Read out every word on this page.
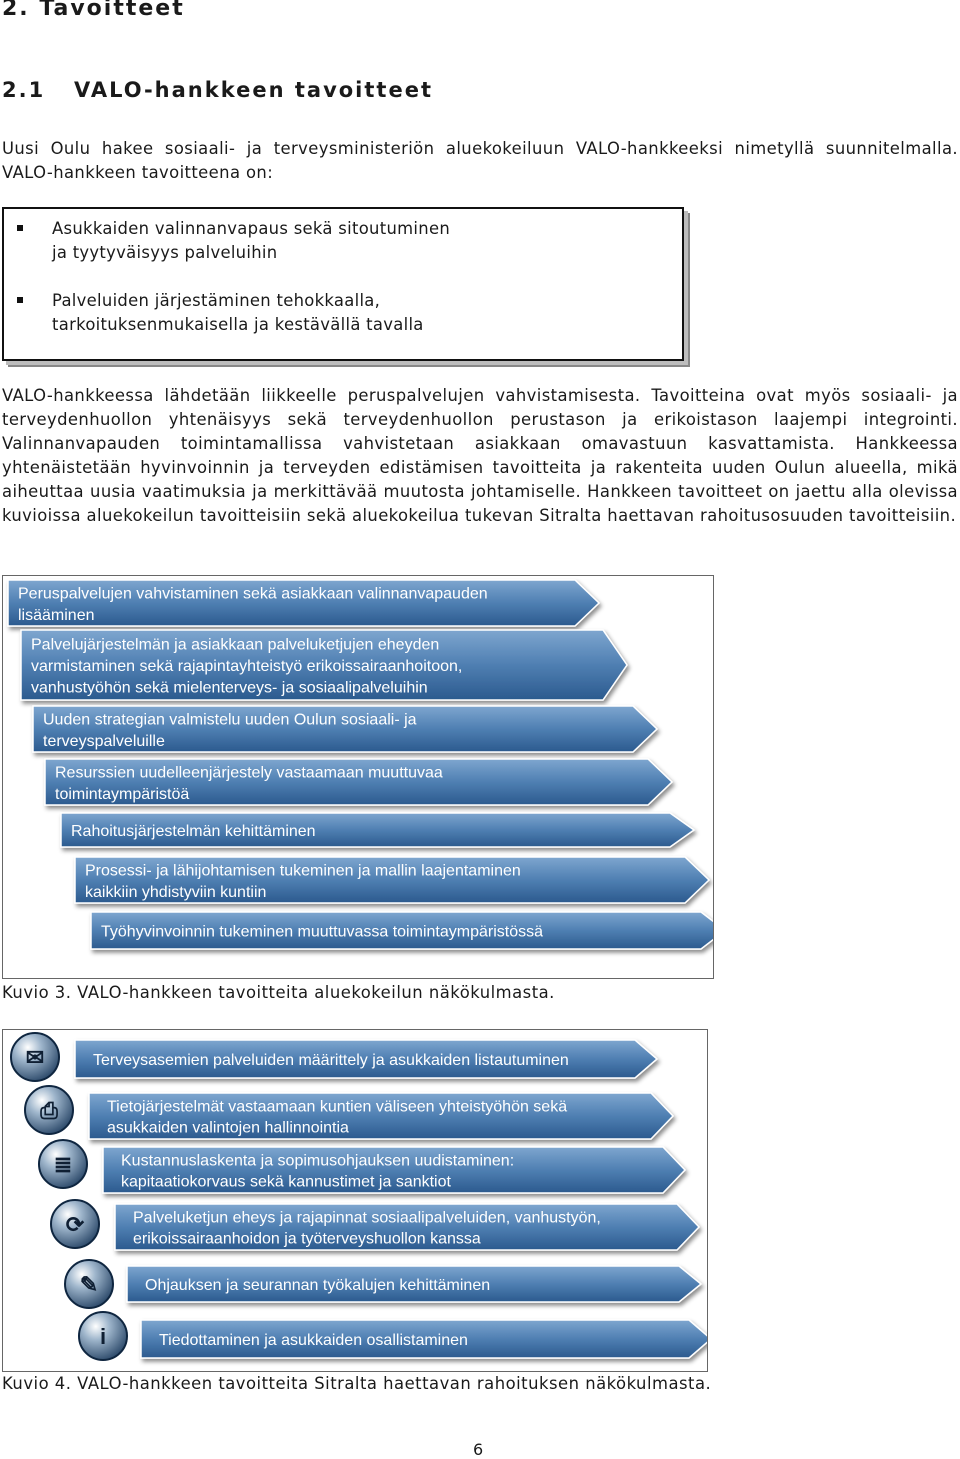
2. Tavoitteet
2.1 VALO-hankkeen tavoitteet

Uusi Oulu hakee sosiaali- ja terveysministeriön aluekokeiluun VALO-hankkeeksi nimetyllä suunnitelmalla. VALO-hankkeen tavoitteena on:

Asukkaiden valinnanvapaus sekä sitoutuminen
ja tyytyväisyys palveluihin
Palveluiden järjestäminen tehokkaalla,
tarkoituksenmukaisella ja kestävällä tavalla

VALO-hankkeessa lähdetään liikkeelle peruspalvelujen vahvistamisesta. Tavoitteina ovat myös sosiaali- ja terveydenhuollon yhtenäisyys sekä terveydenhuollon perustason ja erikoistason laajempi integrointi. Valinnanvapauden toimintamallissa vahvistetaan asiakkaan omavastuun kasvattamista. Hankkeessa yhtenäistetään hyvinvoinnin ja terveyden edistämisen tavoitteita ja rakenteita uuden Oulun alueella, mikä aiheuttaa uusia vaatimuksia ja merkittävää muutosta johtamiselle. Hankkeen tavoitteet on jaettu alla olevissa kuvioissa aluekokeilun tavoitteisiin sekä aluekokeilua tukevan Sitralta haettavan rahoitusosuuden tavoitteisiin.

Peruspalvelujen vahvistaminen sekä asiakkaan valinnanvapauden
lisääminen
Palvelujärjestelmän ja asiakkaan palveluketjujen eheyden
varmistaminen sekä rajapintayhteistyö erikoissairaanhoitoon,
vanhustyöhön sekä mielenterveys- ja sosiaalipalveluihin
Uuden strategian valmistelu uuden Oulun sosiaali- ja
terveyspalveluille
Resurssien uudelleenjärjestely vastaamaan muuttuvaa
toimintaympäristöä
Rahoitusjärjestelmän kehittäminen
Prosessi- ja lähijohtamisen tukeminen ja mallin laajentaminen
kaikkiin yhdistyviin kuntiin
Työhyvinvoinnin tukeminen muuttuvassa toimintaympäristössä

Kuvio 3. VALO-hankkeen tavoitteita aluekokeilun näkökulmasta.

Terveysasemien palveluiden määrittely ja asukkaiden listautuminen
✉
Tietojärjestelmät vastaamaan kuntien väliseen yhteistyöhön sekä
asukkaiden valintojen hallinnointia
⎙
Kustannuslaskenta ja sopimusohjauksen uudistaminen:
kapitaatiokorvaus sekä kannustimet ja sanktiot
≣
Palveluketjun eheys ja rajapinnat sosiaalipalveluiden, vanhustyön,
erikoissairaanhoidon ja työterveyshuollon kanssa
⟳
Ohjauksen ja seurannan työkalujen kehittäminen
✎
Tiedottaminen ja asukkaiden osallistaminen
i

Kuvio 4. VALO-hankkeen tavoitteita Sitralta haettavan rahoituksen näkökulmasta.

6
